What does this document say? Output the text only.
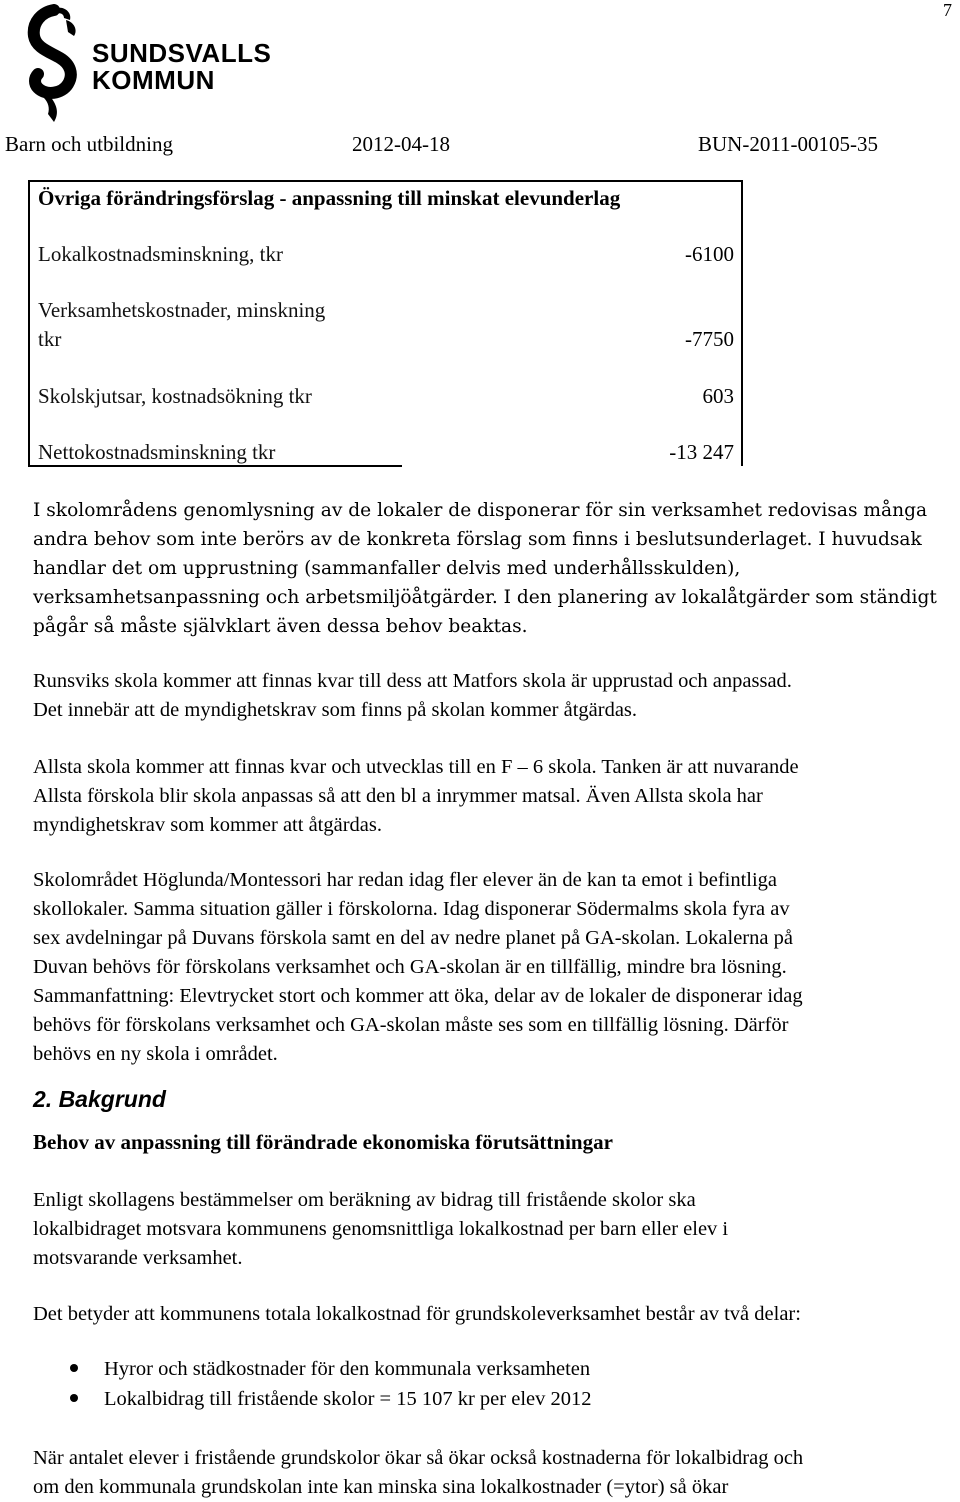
7
SUNDSVALLS
KOMMUN
Barn och utbildning	2012-04-18	BUN-2011-00105-35
Övriga förändringsförslag - anpassning till minskat elevunderlag
Lokalkostnadsminskning, tkr	-6100
Verksamhetskostnader, minskning
tkr	-7750
Skolskjutsar, kostnadsökning tkr	603
Nettokostnadsminskning tkr	-13 247

I skolområdens genomlysning av de lokaler de disponerar för sin verksamhet redovisas många

andra behov som inte berörs av de konkreta förslag som finns i beslutsunderlaget. I huvudsak

handlar det om upprustning (sammanfaller delvis med underhållsskulden),

verksamhetsanpassning och arbetsmiljöåtgärder. I den planering av lokalåtgärder som ständigt

pågår så måste självklart även dessa behov beaktas.

Runsviks skola kommer att finnas kvar till dess att Matfors skola är upprustad och anpassad.

Det innebär att de myndighetskrav som finns på skolan kommer åtgärdas.

Allsta skola kommer att finnas kvar och utvecklas till en F – 6 skola. Tanken är att nuvarande

Allsta förskola blir skola anpassas så att den bl a inrymmer matsal. Även Allsta skola har

myndighetskrav som kommer att åtgärdas.

Skolområdet Höglunda/Montessori har redan idag fler elever än de kan ta emot i befintliga

skollokaler. Samma situation gäller i förskolorna. Idag disponerar Södermalms skola fyra av

sex avdelningar på Duvans förskola samt en del av nedre planet på GA-skolan. Lokalerna på

Duvan behövs för förskolans verksamhet och GA-skolan är en tillfällig, mindre bra lösning.

Sammanfattning: Elevtrycket stort och kommer att öka, delar av de lokaler de disponerar idag

behövs för förskolans verksamhet och GA-skolan måste ses som en tillfällig lösning. Därför

behövs en ny skola i området.

2. Bakgrund
Behov av anpassning till förändrade ekonomiska förutsättningar

Enligt skollagens bestämmelser om beräkning av bidrag till fristående skolor ska

lokalbidraget motsvara kommunens genomsnittliga lokalkostnad per barn eller elev i

motsvarande verksamhet.

Det betyder att kommunens totala lokalkostnad för grundskoleverksamhet består av två delar:

Hyror och städkostnader för den kommunala verksamheten
Lokalbidrag till fristående skolor = 15 107 kr per elev 2012

När antalet elever i fristående grundskolor ökar så ökar också kostnaderna för lokalbidrag och

om den kommunala grundskolan inte kan minska sina lokalkostnader (=ytor) så ökar
